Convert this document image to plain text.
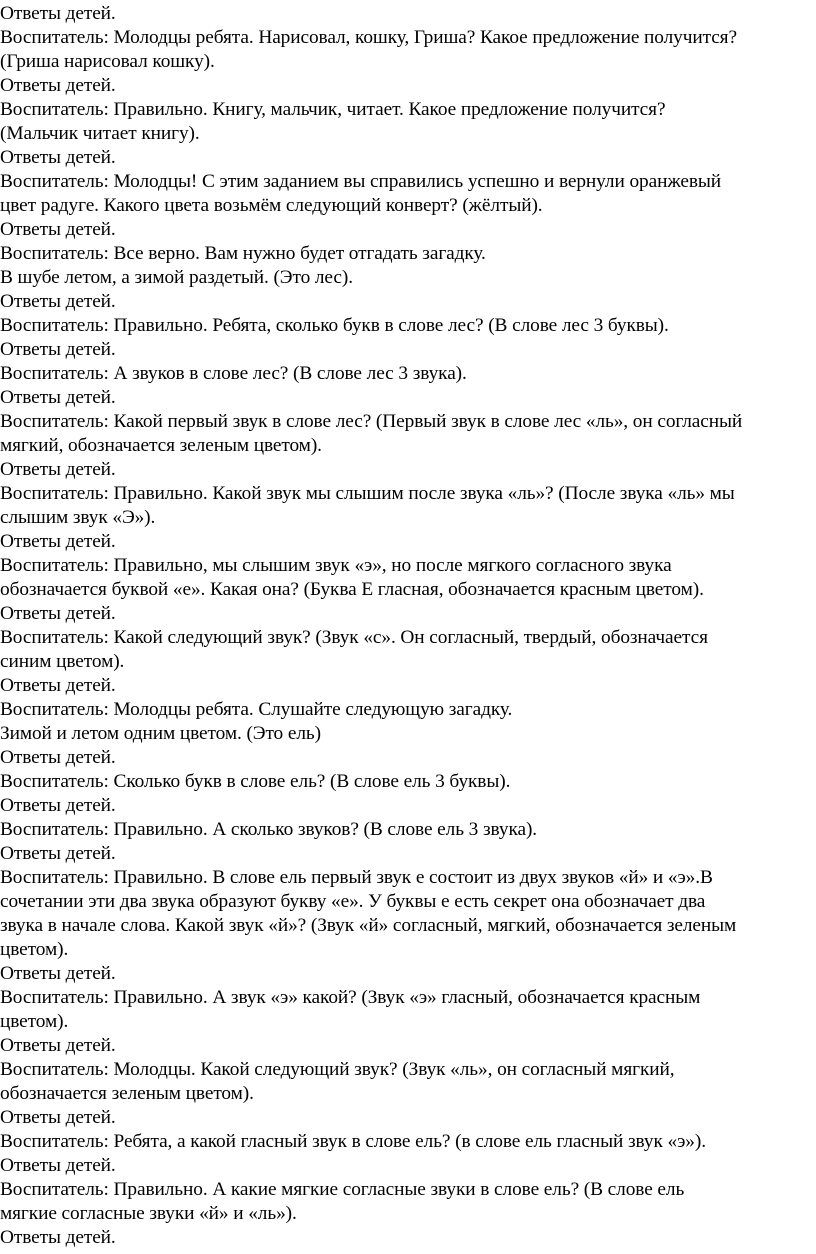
Ответы детей.
Воспитатель: Молодцы ребята. Нарисовал, кошку, Гриша? Какое предложение получится?
(Гриша нарисовал кошку).
Ответы детей.
Воспитатель: Правильно. Книгу, мальчик, читает. Какое предложение получится?
(Мальчик читает книгу).
Ответы детей.
Воспитатель: Молодцы! С этим заданием вы справились успешно и вернули оранжевый
цвет радуге. Какого цвета возьмём следующий конверт? (жёлтый).
Ответы детей.
Воспитатель: Все верно. Вам нужно будет отгадать загадку.
В шубе летом, а зимой раздетый. (Это лес).
Ответы детей.
Воспитатель: Правильно. Ребята, сколько букв в слове лес? (В слове лес 3 буквы).
Ответы детей.
Воспитатель: А звуков в слове лес? (В слове лес 3 звука).
Ответы детей.
Воспитатель: Какой первый звук в слове лес? (Первый звук в слове лес «ль», он согласный
мягкий, обозначается зеленым цветом).
Ответы детей.
Воспитатель: Правильно. Какой звук мы слышим после звука «ль»? (После звука «ль» мы
слышим звук «Э»).
Ответы детей.
Воспитатель: Правильно, мы слышим звук «э», но после мягкого согласного звука
обозначается буквой «е». Какая она? (Буква Е гласная, обозначается красным цветом).
Ответы детей.
Воспитатель: Какой следующий звук? (Звук «с». Он согласный, твердый, обозначается
синим цветом).
Ответы детей.
Воспитатель: Молодцы ребята. Слушайте следующую загадку.
Зимой и летом одним цветом. (Это ель)
Ответы детей.
Воспитатель: Сколько букв в слове ель? (В слове ель 3 буквы).
Ответы детей.
Воспитатель: Правильно. А сколько звуков? (В слове ель 3 звука).
Ответы детей.
Воспитатель: Правильно. В слове ель первый звук е состоит из двух звуков «й» и «э».В
сочетании эти два звука образуют букву «е». У буквы е есть секрет она обозначает два
звука в начале слова. Какой звук «й»? (Звук «й» согласный, мягкий, обозначается зеленым
цветом).
Ответы детей.
Воспитатель: Правильно. А звук «э» какой? (Звук «э» гласный, обозначается красным
цветом).
Ответы детей.
Воспитатель: Молодцы. Какой следующий звук? (Звук «ль», он согласный мягкий,
обозначается зеленым цветом).
Ответы детей.
Воспитатель: Ребята, а какой гласный звук в слове ель? (в слове ель гласный звук «э»).
Ответы детей.
Воспитатель: Правильно. А какие мягкие согласные звуки в слове ель? (В слове ель
мягкие согласные звуки «й» и «ль»).
Ответы детей.
